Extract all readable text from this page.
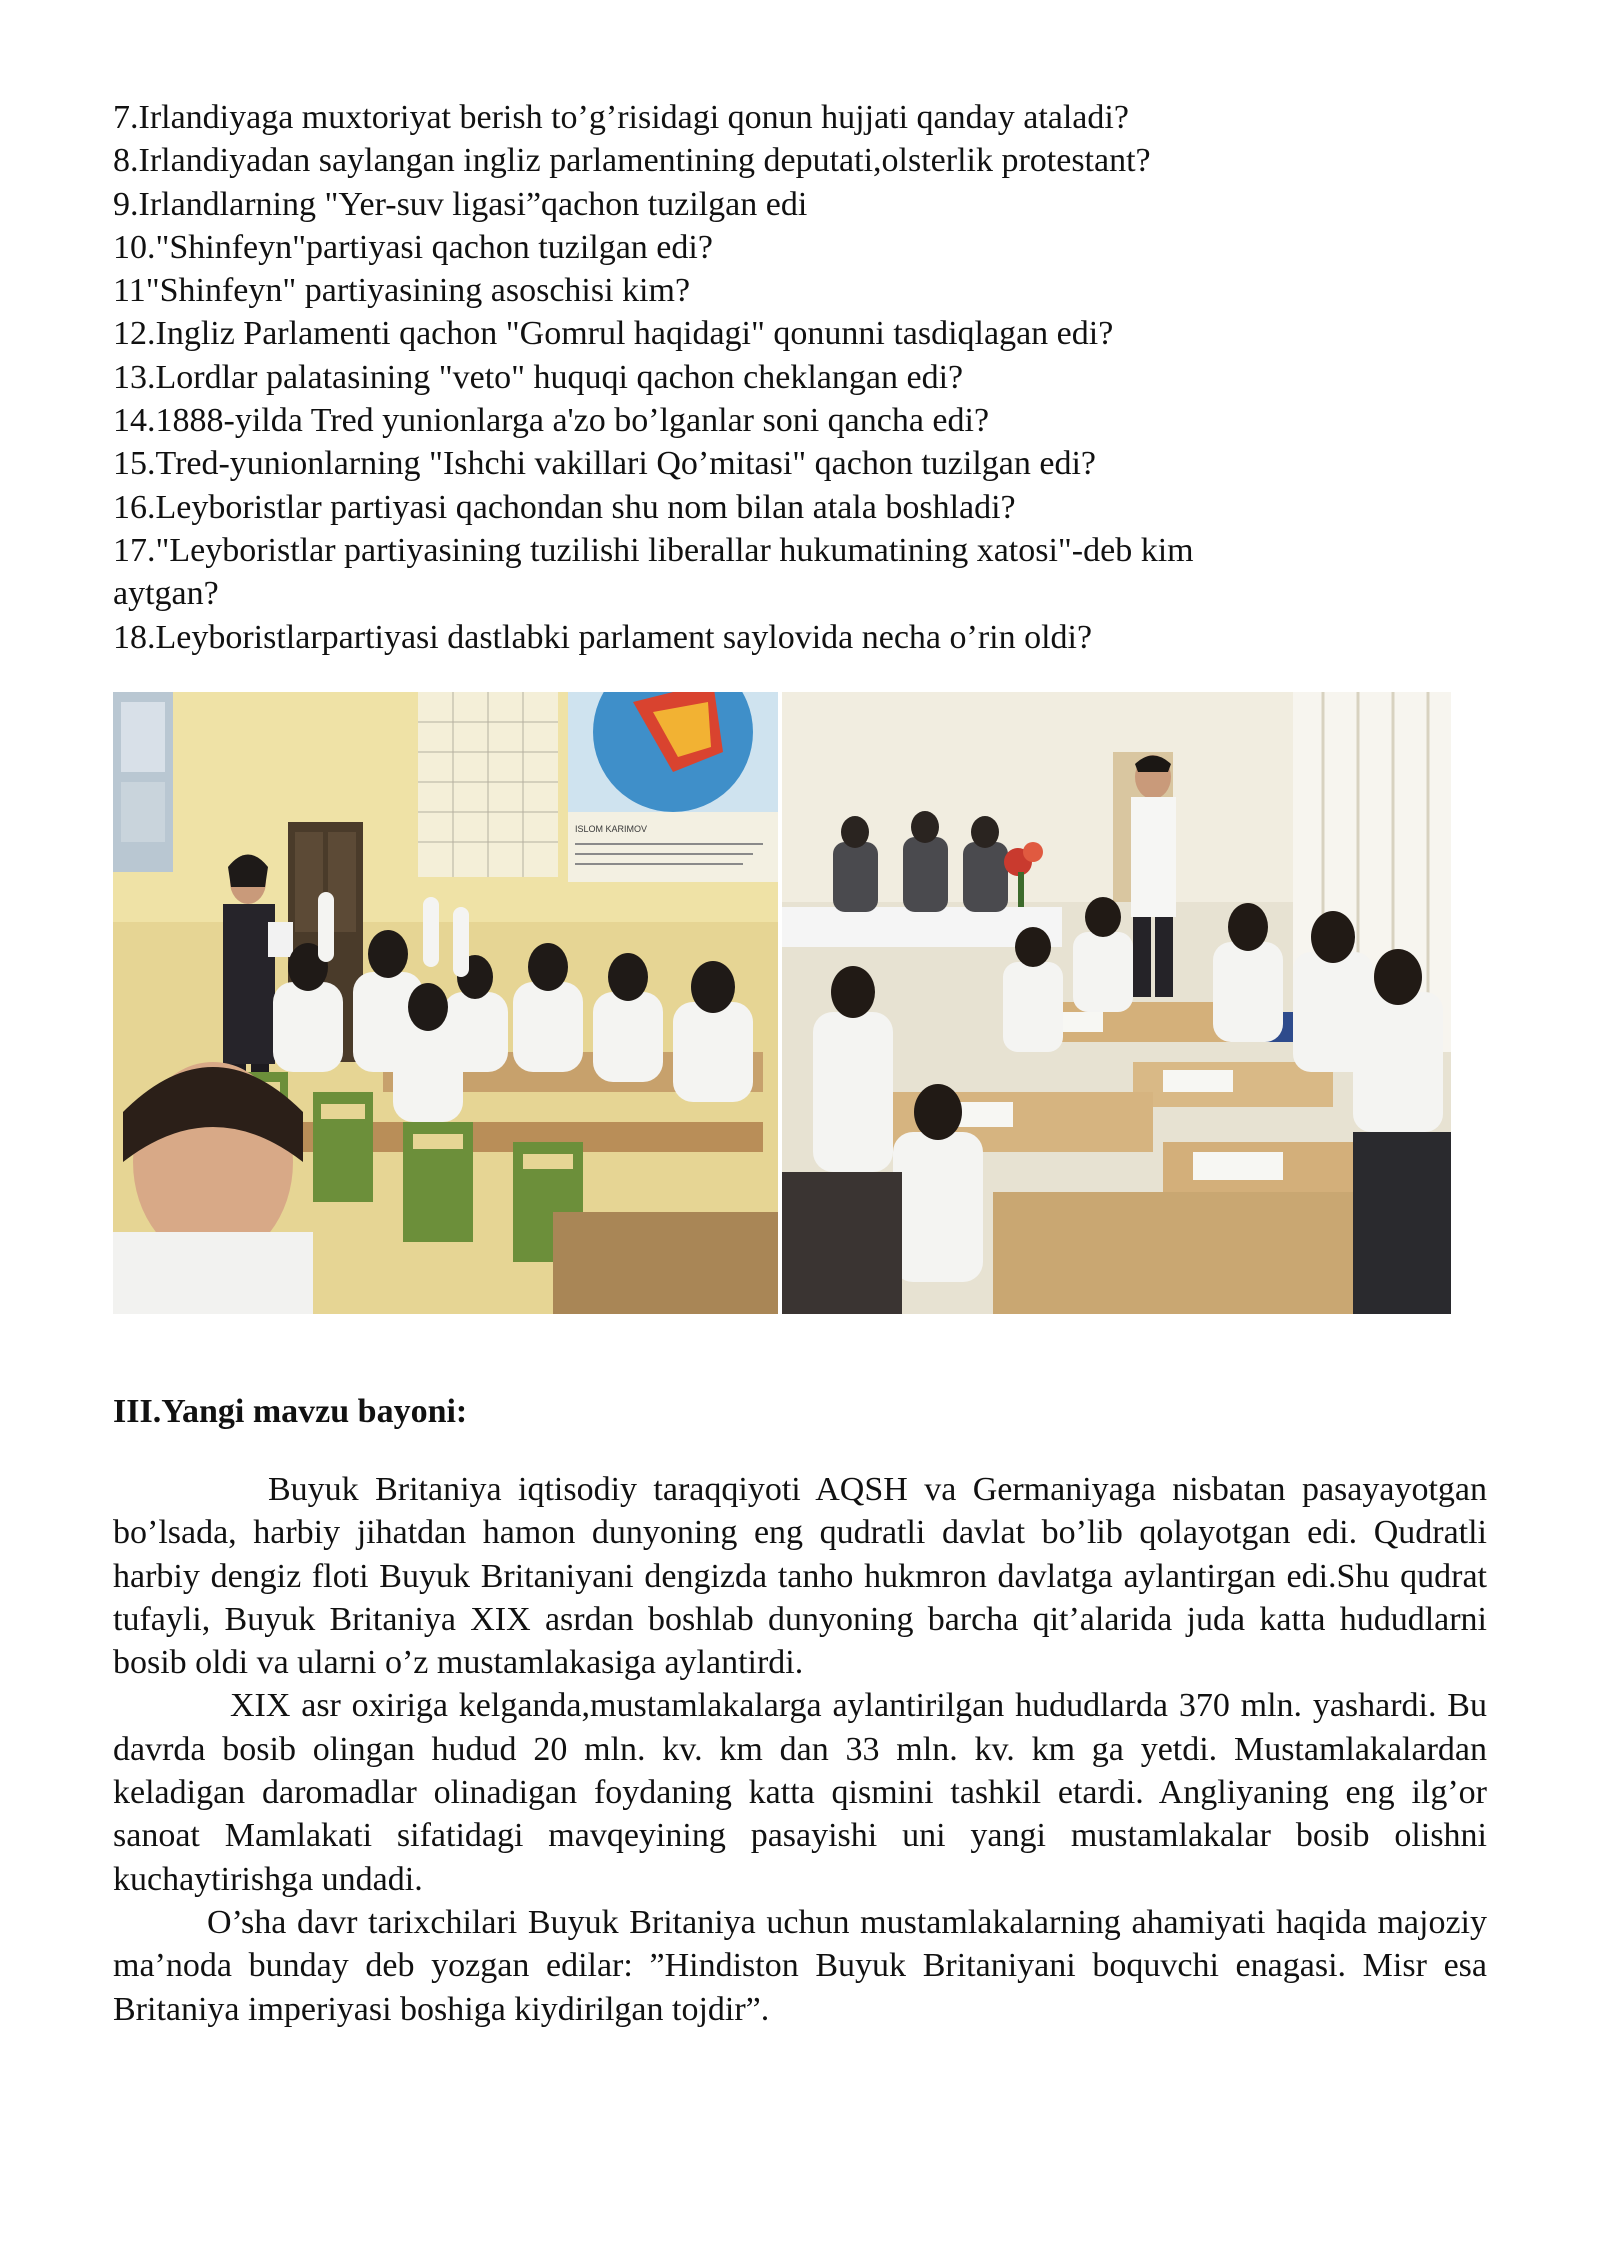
7.Irlandiyaga muxtoriyat berish to’g’risidagi qonun hujjati qanday ataladi?
8.Irlandiyadan saylangan ingliz parlamentining deputati,olsterlik protestant?
9.Irlandlarning "Yer-suv ligasi”qachon tuzilgan edi
10."Shinfeyn"partiyasi qachon tuzilgan edi?
11"Shinfeyn" partiyasining asoschisi kim?
12.Ingliz Parlamenti qachon "Gomrul haqidagi" qonunni tasdiqlagan edi?
13.Lordlar palatasining "veto" huquqi qachon cheklangan edi?
14.1888-yilda Tred yunionlarga a'zo bo’lganlar soni qancha edi?
15.Tred-yunionlarning "Ishchi vakillari Qo’mitasi" qachon tuzilgan edi?
16.Leyboristlar partiyasi qachondan shu nom bilan atala boshladi?
17."Leyboristlar partiyasining tuzilishi liberallar hukumatining xatosi"-deb kim
aytgan?
18.Leyboristlarpartiyasi dastlabki parlament saylovida necha o’rin oldi?
ISLOM KARIMOV
III.Yangi mavzu bayoni:

Buyuk Britaniya iqtisodiy taraqqiyoti AQSH va Germaniyaga nisbatan pasayayotgan bo’lsada, harbiy jihatdan hamon dunyoning eng qudratli davlat bo’lib qolayotgan edi. Qudratli harbiy dengiz floti Buyuk Britaniyani dengizda tanho hukmron davlatga aylantirgan edi.Shu qudrat tufayli, Buyuk Britaniya XIX asrdan boshlab dunyoning barcha qit’alarida juda katta hududlarni bosib oldi va ularni o’z mustamlakasiga aylantirdi.

XIX asr oxiriga kelganda,mustamlakalarga aylantirilgan hududlarda 370 mln. yashardi. Bu davrda bosib olingan hudud 20 mln. kv. km dan 33 mln. kv. km ga yetdi. Mustamlakalardan keladigan daromadlar olinadigan foydaning katta qismini tashkil etardi. Angliyaning eng ilg’or sanoat Mamlakati sifatidagi mavqeyining pasayishi uni yangi mustamlakalar bosib olishni kuchaytirishga undadi.

O’sha davr tarixchilari Buyuk Britaniya uchun mustamlakalarning ahamiyati haqida majoziy ma’noda bunday deb yozgan edilar: ”Hindiston Buyuk Britaniyani boquvchi enagasi. Misr esa Britaniya imperiyasi boshiga kiydirilgan tojdir”.
